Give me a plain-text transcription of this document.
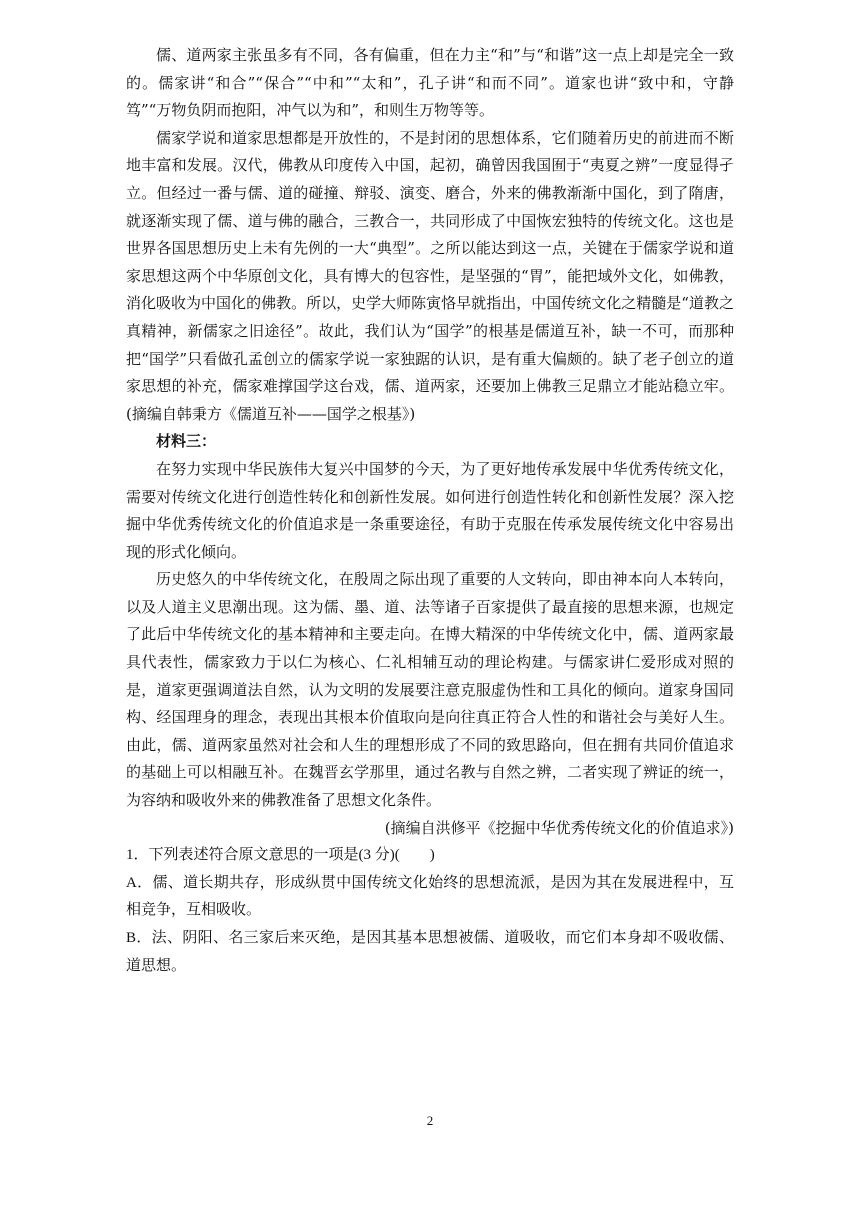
儒、道两家主张虽多有不同，各有偏重，但在力主“和”与“和谐”这一点上却是完全一致的。儒家讲“和合”“保合”“中和”“太和”，孔子讲“和而不同”。道家也讲“致中和，守静笃”“万物负阴而抱阳，冲气以为和”，和则生万物等等。

儒家学说和道家思想都是开放性的，不是封闭的思想体系，它们随着历史的前进而不断地丰富和发展。汉代，佛教从印度传入中国，起初，确曾因我国囿于“夷夏之辨”一度显得孑立。但经过一番与儒、道的碰撞、辩驳、演变、磨合，外来的佛教渐渐中国化，到了隋唐，就逐渐实现了儒、道与佛的融合，三教合一，共同形成了中国恢宏独特的传统文化。这也是世界各国思想历史上未有先例的一大“典型”。之所以能达到这一点，关键在于儒家学说和道家思想这两个中华原创文化，具有博大的包容性，是坚强的“胃”，能把域外文化，如佛教，消化吸收为中国化的佛教。所以，史学大师陈寅恪早就指出，中国传统文化之精髓是“道教之真精神，新儒家之旧途径”。故此，我们认为“国学”的根基是儒道互补，缺一不可，而那种把“国学”只看做孔孟创立的儒家学说一家独踞的认识，是有重大偏颇的。缺了老子创立的道家思想的补充，儒家难撑国学这台戏，儒、道两家，还要加上佛教三足鼎立才能站稳立牢。(摘编自韩秉方《儒道互补——国学之根基》)

材料三：

在努力实现中华民族伟大复兴中国梦的今天，为了更好地传承发展中华优秀传统文化，需要对传统文化进行创造性转化和创新性发展。如何进行创造性转化和创新性发展？深入挖掘中华优秀传统文化的价值追求是一条重要途径，有助于克服在传承发展传统文化中容易出现的形式化倾向。

历史悠久的中华传统文化，在殷周之际出现了重要的人文转向，即由神本向人本转向，以及人道主义思潮出现。这为儒、墨、道、法等诸子百家提供了最直接的思想来源，也规定了此后中华传统文化的基本精神和主要走向。在博大精深的中华传统文化中，儒、道两家最具代表性，儒家致力于以仁为核心、仁礼相辅互动的理论构建。与儒家讲仁爱形成对照的是，道家更强调道法自然，认为文明的发展要注意克服虚伪性和工具化的倾向。道家身国同构、经国理身的理念，表现出其根本价值取向是向往真正符合人性的和谐社会与美好人生。由此，儒、道两家虽然对社会和人生的理想形成了不同的致思路向，但在拥有共同价值追求的基础上可以相融互补。在魏晋玄学那里，通过名教与自然之辨，二者实现了辨证的统一，为容纳和吸收外来的佛教准备了思想文化条件。

(摘编自洪修平《挖掘中华优秀传统文化的价值追求》)

1．下列表述符合原文意思的一项是(3 分)(　　)

A．儒、道长期共存，形成纵贯中国传统文化始终的思想流派，是因为其在发展进程中，互相竞争，互相吸收。

B．法、阴阳、名三家后来灭绝，是因其基本思想被儒、道吸收，而它们本身却不吸收儒、道思想。

2
